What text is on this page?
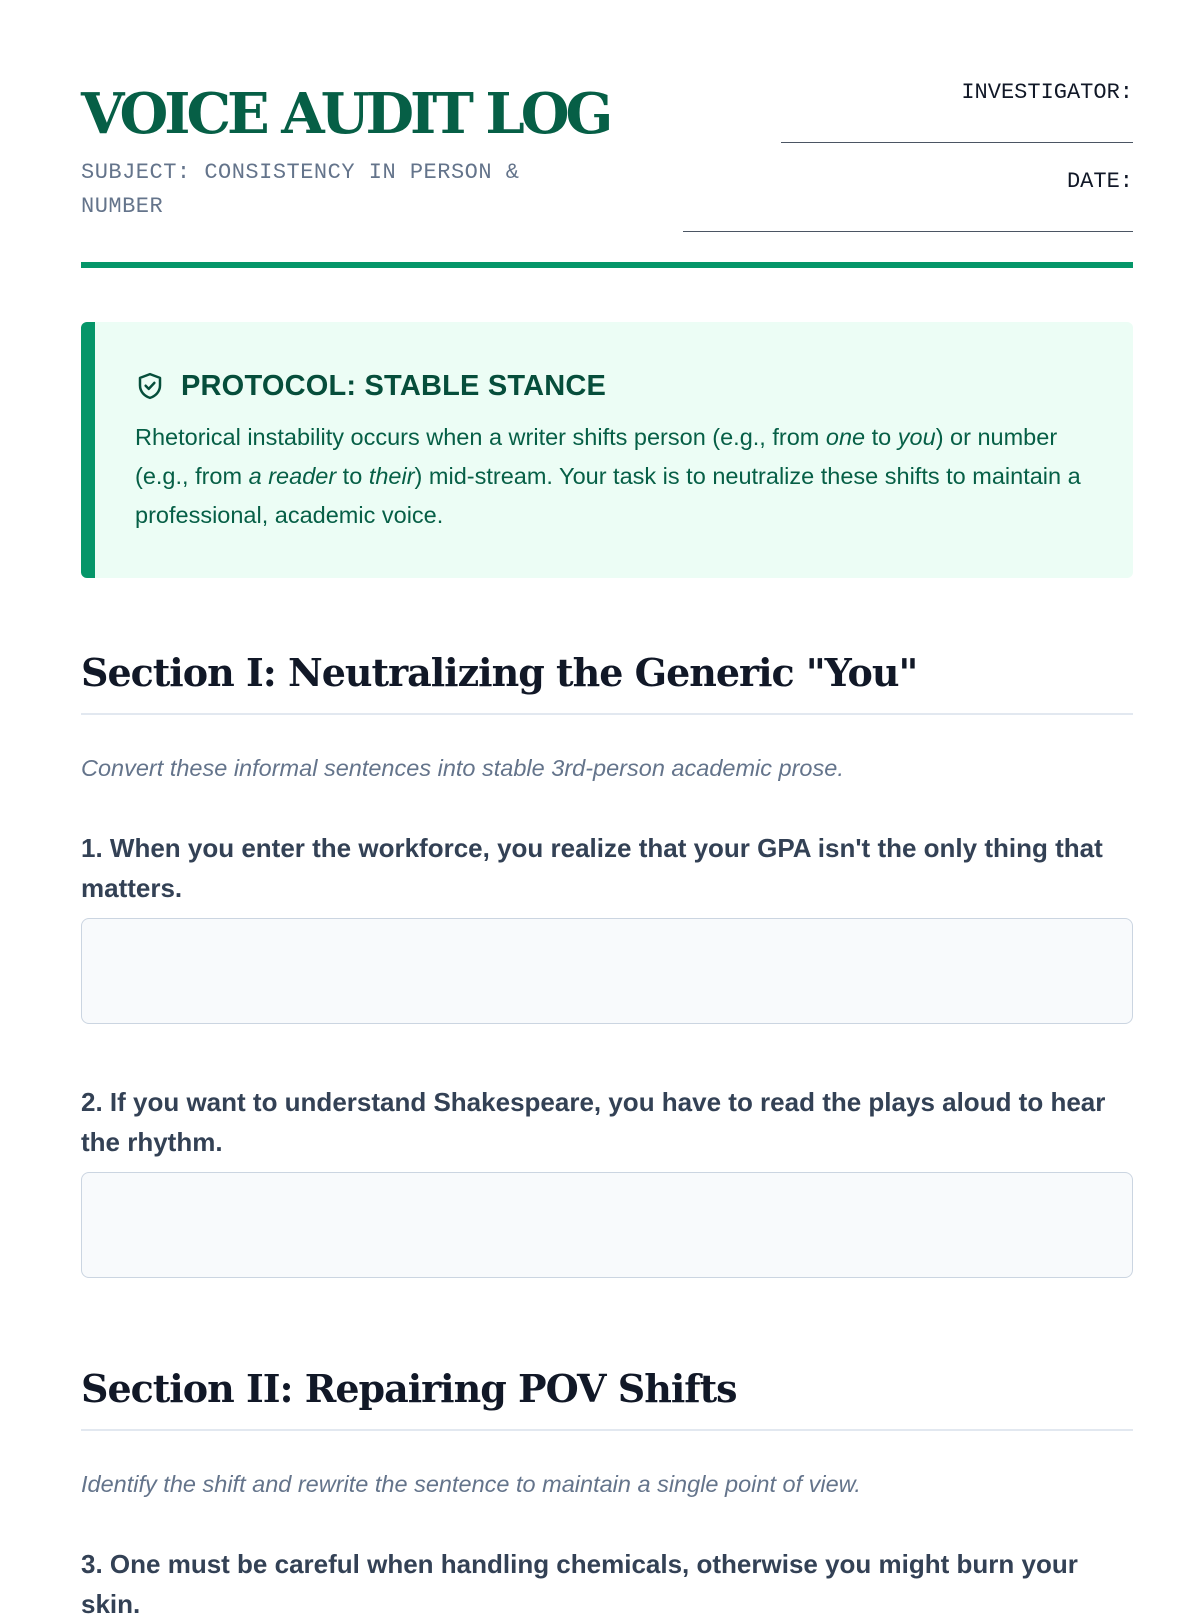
VOICE AUDIT LOG
SUBJECT: CONSISTENCY IN PERSON & NUMBER
INVESTIGATOR:
DATE:
PROTOCOL: STABLE STANCE

Rhetorical instability occurs when a writer shifts person (e.g., from one to you) or number (e.g., from a reader to their) mid-stream. Your task is to neutralize these shifts to maintain a professional, academic voice.

Section I: Neutralizing the Generic "You"
Convert these informal sentences into stable 3rd-person academic prose.

1. When you enter the workforce, you realize that your GPA isn't the only thing that matters.

2. If you want to understand Shakespeare, you have to read the plays aloud to hear the rhythm.

Section II: Repairing POV Shifts
Identify the shift and rewrite the sentence to maintain a single point of view.

3. One must be careful when handling chemicals, otherwise you might burn your skin.
